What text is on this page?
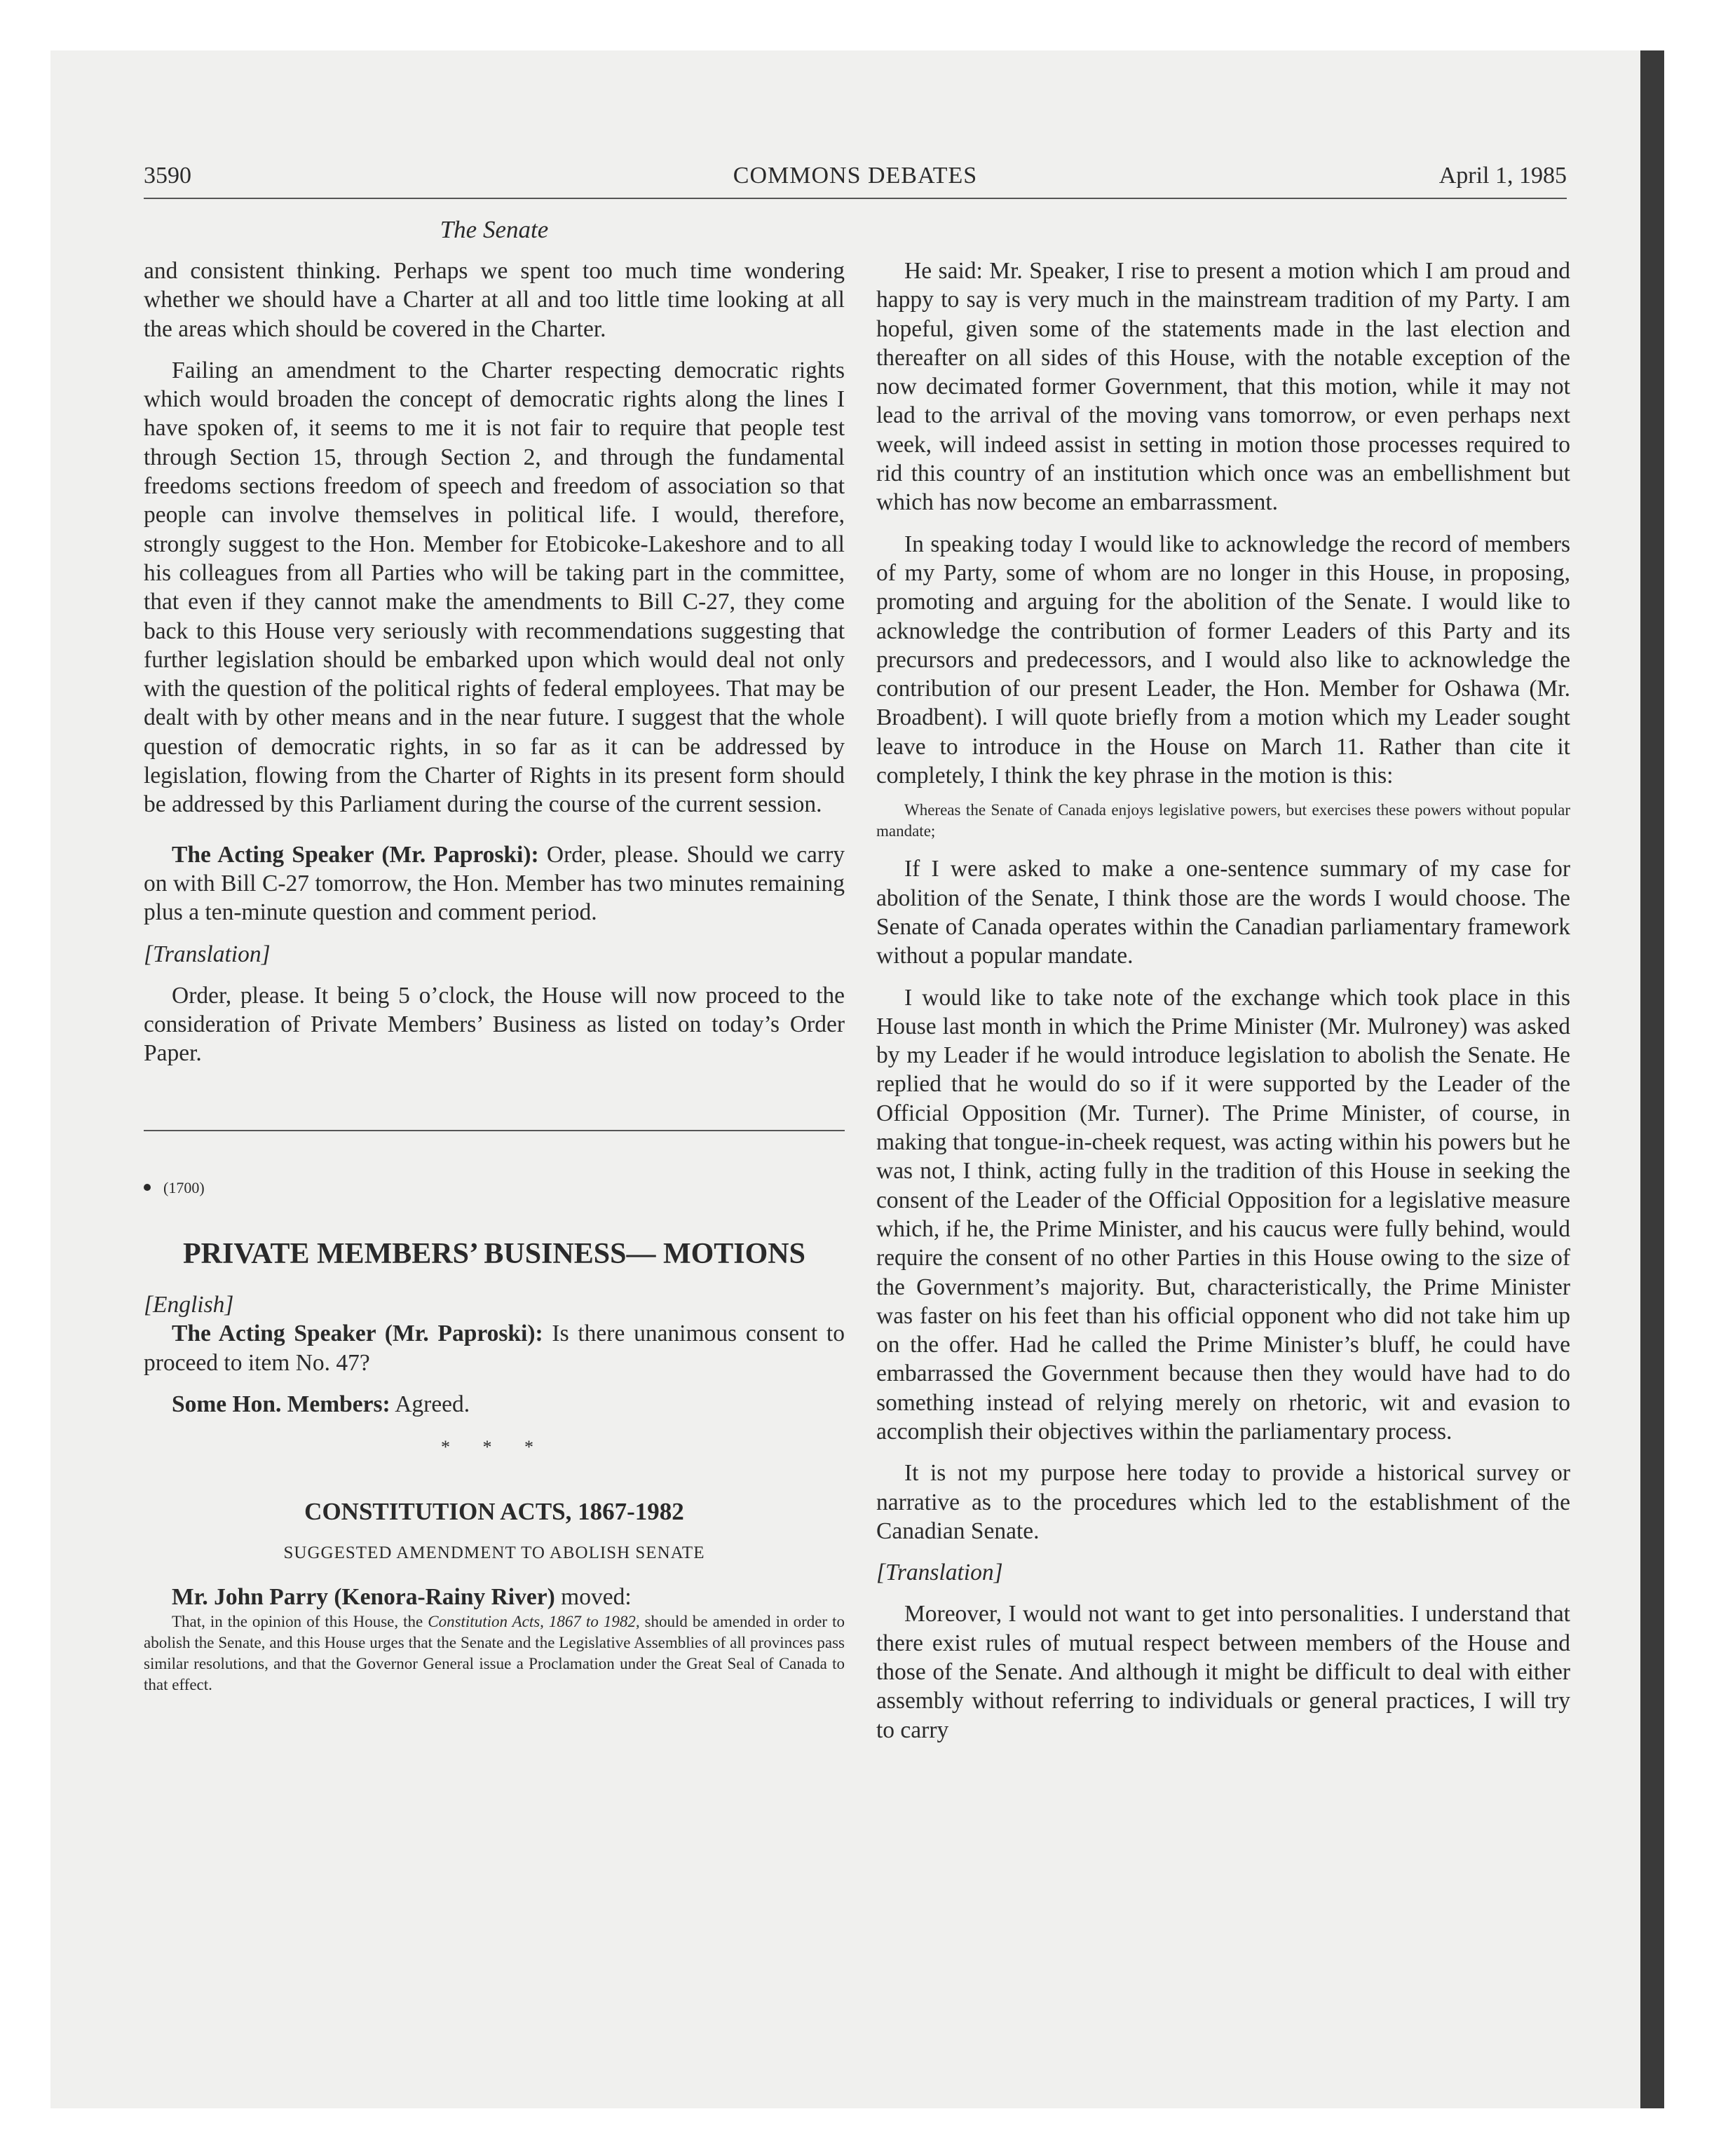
3590	COMMONS DEBATES	April 1, 1985
The Senate

and consistent thinking. Perhaps we spent too much time wondering whether we should have a Charter at all and too little time looking at all the areas which should be covered in the Charter.

Failing an amendment to the Charter respecting democratic rights which would broaden the concept of democratic rights along the lines I have spoken of, it seems to me it is not fair to require that people test through Section 15, through Section 2, and through the fundamental freedoms sections freedom of speech and freedom of association so that people can involve themselves in political life. I would, therefore, strongly suggest to the Hon. Member for Etobicoke-Lakeshore and to all his colleagues from all Parties who will be taking part in the committee, that even if they cannot make the amendments to Bill C-27, they come back to this House very seriously with recommendations suggesting that further legislation should be embarked upon which would deal not only with the question of the political rights of federal employees. That may be dealt with by other means and in the near future. I suggest that the whole question of democratic rights, in so far as it can be addressed by legislation, flowing from the Charter of Rights in its present form should be addressed by this Parliament during the course of the current session.

The Acting Speaker (Mr. Paproski): Order, please. Should we carry on with Bill C-27 tomorrow, the Hon. Member has two minutes remaining plus a ten-minute question and comment period.

[Translation]

Order, please. It being 5 o’clock, the House will now proceed to the consideration of Private Members’ Business as listed on today’s Order Paper.

(1700)
PRIVATE MEMBERS’ BUSINESS— MOTIONS

[English]

The Acting Speaker (Mr. Paproski): Is there unanimous consent to proceed to item No. 47?

Some Hon. Members: Agreed.

* * *
CONSTITUTION ACTS, 1867-1982
SUGGESTED AMENDMENT TO ABOLISH SENATE

Mr. John Parry (Kenora-Rainy River) moved:

That, in the opinion of this House, the Constitution Acts, 1867 to 1982, should be amended in order to abolish the Senate, and this House urges that the Senate and the Legislative Assemblies of all provinces pass similar resolutions, and that the Governor General issue a Proclamation under the Great Seal of Canada to that effect.

He said: Mr. Speaker, I rise to present a motion which I am proud and happy to say is very much in the mainstream tradition of my Party. I am hopeful, given some of the statements made in the last election and thereafter on all sides of this House, with the notable exception of the now decimated former Government, that this motion, while it may not lead to the arrival of the moving vans tomorrow, or even perhaps next week, will indeed assist in setting in motion those processes required to rid this country of an institution which once was an embellishment but which has now become an embarrassment.

In speaking today I would like to acknowledge the record of members of my Party, some of whom are no longer in this House, in proposing, promoting and arguing for the abolition of the Senate. I would like to acknowledge the contribution of former Leaders of this Party and its precursors and predecessors, and I would also like to acknowledge the contribution of our present Leader, the Hon. Member for Oshawa (Mr. Broadbent). I will quote briefly from a motion which my Leader sought leave to introduce in the House on March 11. Rather than cite it completely, I think the key phrase in the motion is this:

Whereas the Senate of Canada enjoys legislative powers, but exercises these powers without popular mandate;

If I were asked to make a one-sentence summary of my case for abolition of the Senate, I think those are the words I would choose. The Senate of Canada operates within the Canadian parliamentary framework without a popular mandate.

I would like to take note of the exchange which took place in this House last month in which the Prime Minister (Mr. Mulroney) was asked by my Leader if he would introduce legislation to abolish the Senate. He replied that he would do so if it were supported by the Leader of the Official Opposition (Mr. Turner). The Prime Minister, of course, in making that tongue-in-cheek request, was acting within his powers but he was not, I think, acting fully in the tradition of this House in seeking the consent of the Leader of the Official Opposition for a legislative measure which, if he, the Prime Minister, and his caucus were fully behind, would require the consent of no other Parties in this House owing to the size of the Government’s majority. But, characteristically, the Prime Minister was faster on his feet than his official opponent who did not take him up on the offer. Had he called the Prime Minister’s bluff, he could have embarrassed the Government because then they would have had to do something instead of relying merely on rhetoric, wit and evasion to accomplish their objectives within the parliamentary process.

It is not my purpose here today to provide a historical survey or narrative as to the procedures which led to the establishment of the Canadian Senate.

[Translation]

Moreover, I would not want to get into personalities. I understand that there exist rules of mutual respect between members of the House and those of the Senate. And although it might be difficult to deal with either assembly without referring to individuals or general practices, I will try to carry
